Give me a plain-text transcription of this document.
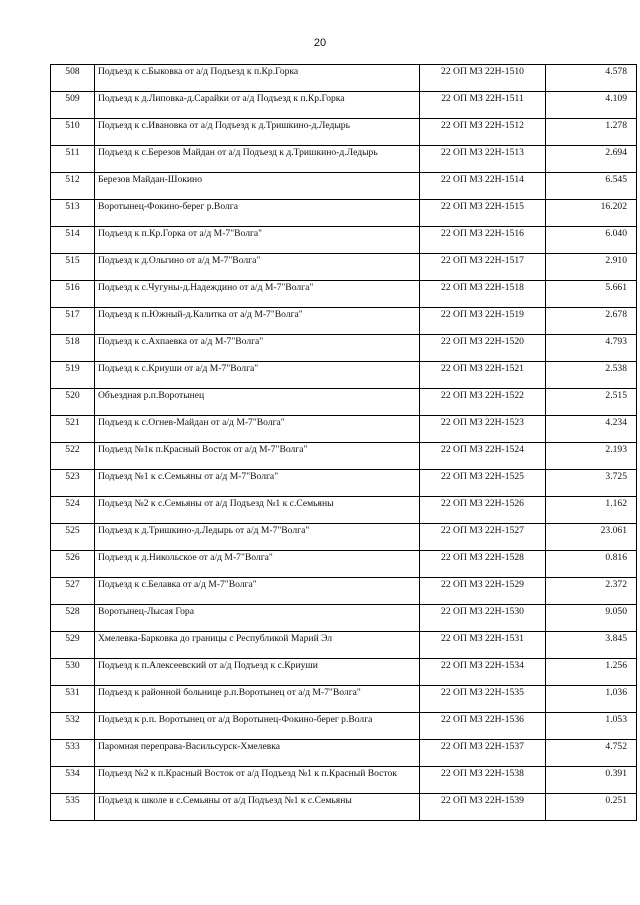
20
508	Подъезд к с.Быковка от а/д Подъезд к п.Кр.Горка	22 ОП МЗ 22Н-1510	4.578
509	Подъезд к д.Липовка-д.Сарайки от а/д Подъезд к п.Кр.Горка	22 ОП МЗ 22Н-1511	4.109
510	Подъезд к с.Ивановка от а/д Подъезд к д.Тришкино-д.Ледырь	22 ОП МЗ 22Н-1512	1.278
511	Подъезд к с.Березов Майдан от а/д Подъезд к д.Тришкино-д.Ледырь	22 ОП МЗ 22Н-1513	2.694
512	Березов Майдан-Шокино	22 ОП МЗ 22Н-1514	6.545
513	Воротынец-Фокино-берег р.Волга	22 ОП МЗ 22Н-1515	16.202
514	Подъезд к п.Кр.Горка от а/д М-7"Волга"	22 ОП МЗ 22Н-1516	6.040
515	Подъезд к д.Ольгино от а/д М-7"Волга"	22 ОП МЗ 22Н-1517	2.910
516	Подъезд к с.Чугуны-д.Надеждино от а/д М-7"Волга"	22 ОП МЗ 22Н-1518	5.661
517	Подъезд к п.Южный-д.Калитка от а/д М-7"Волга"	22 ОП МЗ 22Н-1519	2.678
518	Подъезд к с.Ахпаевка от а/д М-7"Волга"	22 ОП МЗ 22Н-1520	4.793
519	Подъезд к с.Криуши от а/д М-7"Волга"	22 ОП МЗ 22Н-1521	2.538
520	Объездная р.п.Воротынец	22 ОП МЗ 22Н-1522	2.515
521	Подъезд к с.Огнев-Майдан от а/д М-7"Волга"	22 ОП МЗ 22Н-1523	4.234
522	Подъезд №1к п.Красный Восток от а/д М-7"Волга"	22 ОП МЗ 22Н-1524	2.193
523	Подъезд №1 к с.Семьяны от а/д М-7"Волга"	22 ОП МЗ 22Н-1525	3.725
524	Подъезд №2 к с.Семьяны от а/д Подъезд №1 к с.Семьяны	22 ОП МЗ 22Н-1526	1.162
525	Подъезд к д.Тришкино-д.Ледырь от а/д М-7"Волга"	22 ОП МЗ 22Н-1527	23.061
526	Подъезд к д.Никольское от а/д М-7"Волга"	22 ОП МЗ 22Н-1528	0.816
527	Подъезд к с.Белавка от а/д М-7"Волга"	22 ОП МЗ 22Н-1529	2.372
528	Воротынец-Лысая Гора	22 ОП МЗ 22Н-1530	9.050
529	Хмелевка-Барковка до границы с Республикой Марий Эл	22 ОП МЗ 22Н-1531	3.845
530	Подъезд к п.Алексеевский от а/д Подъезд к с.Криуши	22 ОП МЗ 22Н-1534	1.256
531	Подъезд к районной больнице р.п.Воротынец от а/д М-7"Волга"	22 ОП МЗ 22Н-1535	1.036
532	Подъезд к р.п. Воротынец от а/д Воротынец-Фокино-берег р.Волга	22 ОП МЗ 22Н-1536	1.053
533	Паромная переправа-Васильсурск-Хмелевка	22 ОП МЗ 22Н-1537	4.752
534	Подъезд №2 к п.Красный Восток от а/д Подъезд №1 к п.Красный Восток	22 ОП МЗ 22Н-1538	0.391
535	Подъезд к школе в с.Семьяны от а/д Подъезд №1 к с.Семьяны	22 ОП МЗ 22Н-1539	0.251
